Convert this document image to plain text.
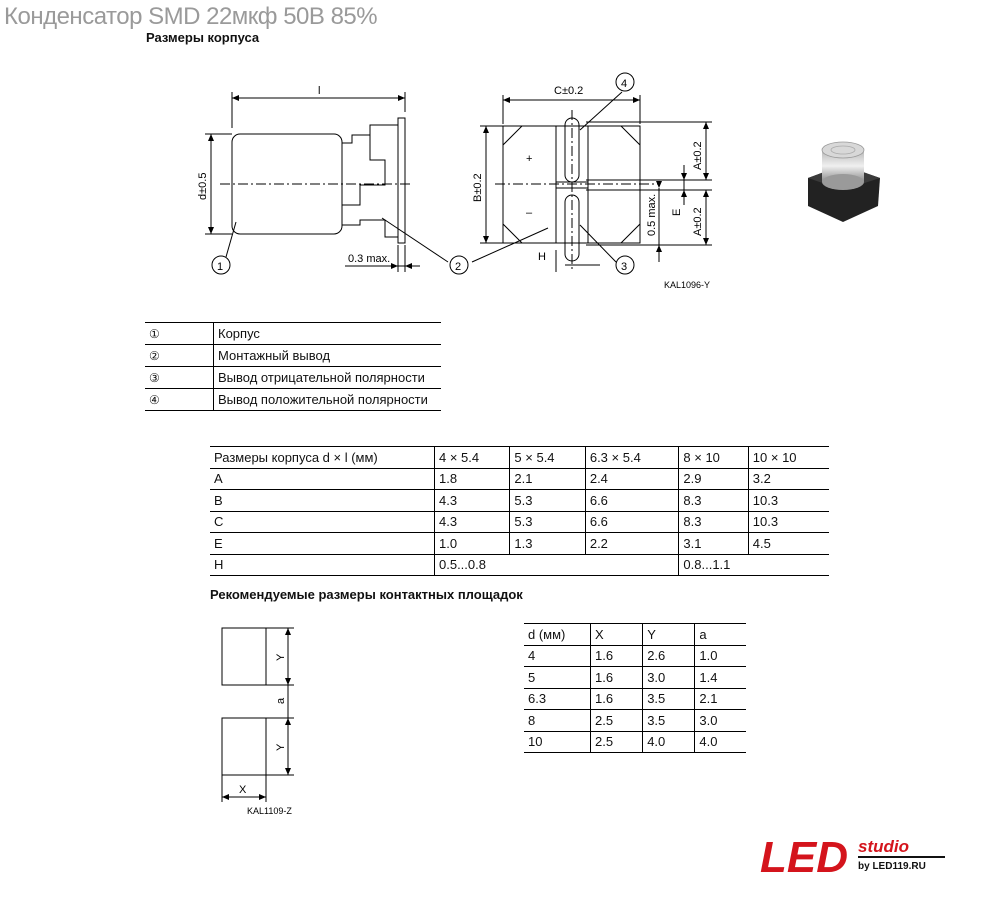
Конденсатор SMD 22мкф 50В 85%
Размеры корпуса
l
d±0.5
0.3 max.
C±0.2
B±0.2
A±0.2
A±0.2
E
0.5 max.
H
+
–
1	2	3
4
KAL1096-Y
①	Корпус
②	Монтажный вывод
③	Вывод отрицательной полярности
④	Вывод положительной полярности
Размеры корпуса d × l (мм)	4 × 5.4	5 × 5.4	6.3 × 5.4	8 × 10	10 × 10
A	1.8	2.1	2.4	2.9	3.2
B	4.3	5.3	6.6	8.3	10.3
C	4.3	5.3	6.6	8.3	10.3
E	1.0	1.3	2.2	3.1	4.5
H	0.5...0.8			0.8...1.1	
Рекомендуемые размеры контактных площадок
Y
a
Y
X
KAL1109-Z
d (мм)	X	Y	a
4	1.6	2.6	1.0
5	1.6	3.0	1.4
6.3	1.6	3.5	2.1
8	2.5	3.5	3.0
10	2.5	4.0	4.0
LED studio
by LED119.RU
